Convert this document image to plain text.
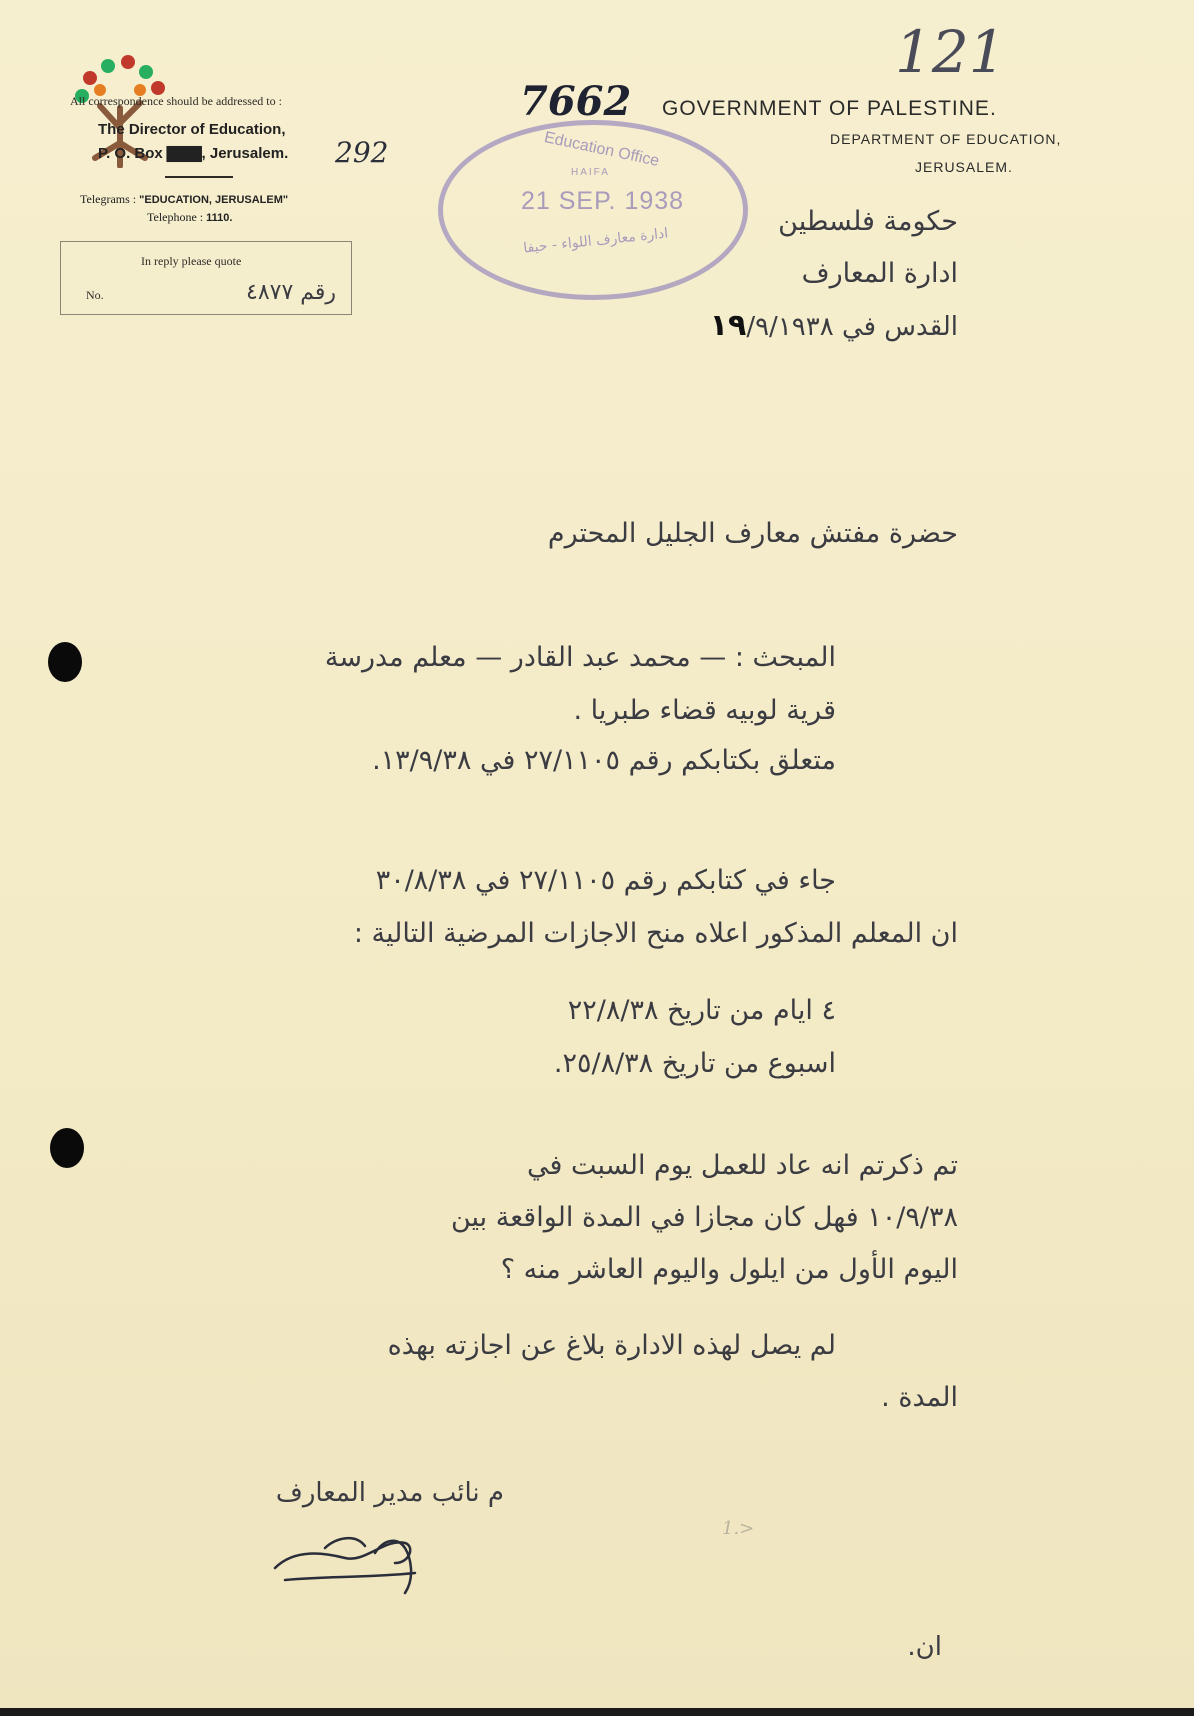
All correspondence should be addressed to :
The Director of Education,
P. O. Box ▇▇▇, Jerusalem. 292
Telegrams : "EDUCATION, JERUSALEM"
Telephone : 1110.
In reply please quote
No.	رقم ٤٨٧٧
121
7662 GOVERNMENT OF PALESTINE.
DEPARTMENT OF EDUCATION,
JERUSALEM.
Education Office
HAIFA
21 SEP. 1938
ادارة معارف اللواء - حيفا
حكومة فلسطين
ادارة المعارف
القدس في ١٩/٩/١٩٣٨
حضرة مفتش معارف الجليل المحترم
المبحث : — محمد عبد القادر — معلم مدرسة
قرية لوبيه قضاء طبريا .
متعلق بكتابكم رقم ٢٧/١١٠٥ في ١٣/٩/٣٨.
جاء في كتابكم رقم ٢٧/١١٠٥ في ٣٠/٨/٣٨
ان المعلم المذكور اعلاه منح الاجازات المرضية التالية :
٤ ايام من تاريخ ٢٢/٨/٣٨
اسبوع من تاريخ ٢٥/٨/٣٨.
تم ذكرتم انه عاد للعمل يوم السبت في
١٠/٩/٣٨ فهل كان مجازا في المدة الواقعة بين
اليوم الأول من ايلول واليوم العاشر منه ؟
لم يصل لهذه الادارة بلاغ عن اجازته بهذه
المدة .
م نائب مدير المعارف
1.>
ان.
